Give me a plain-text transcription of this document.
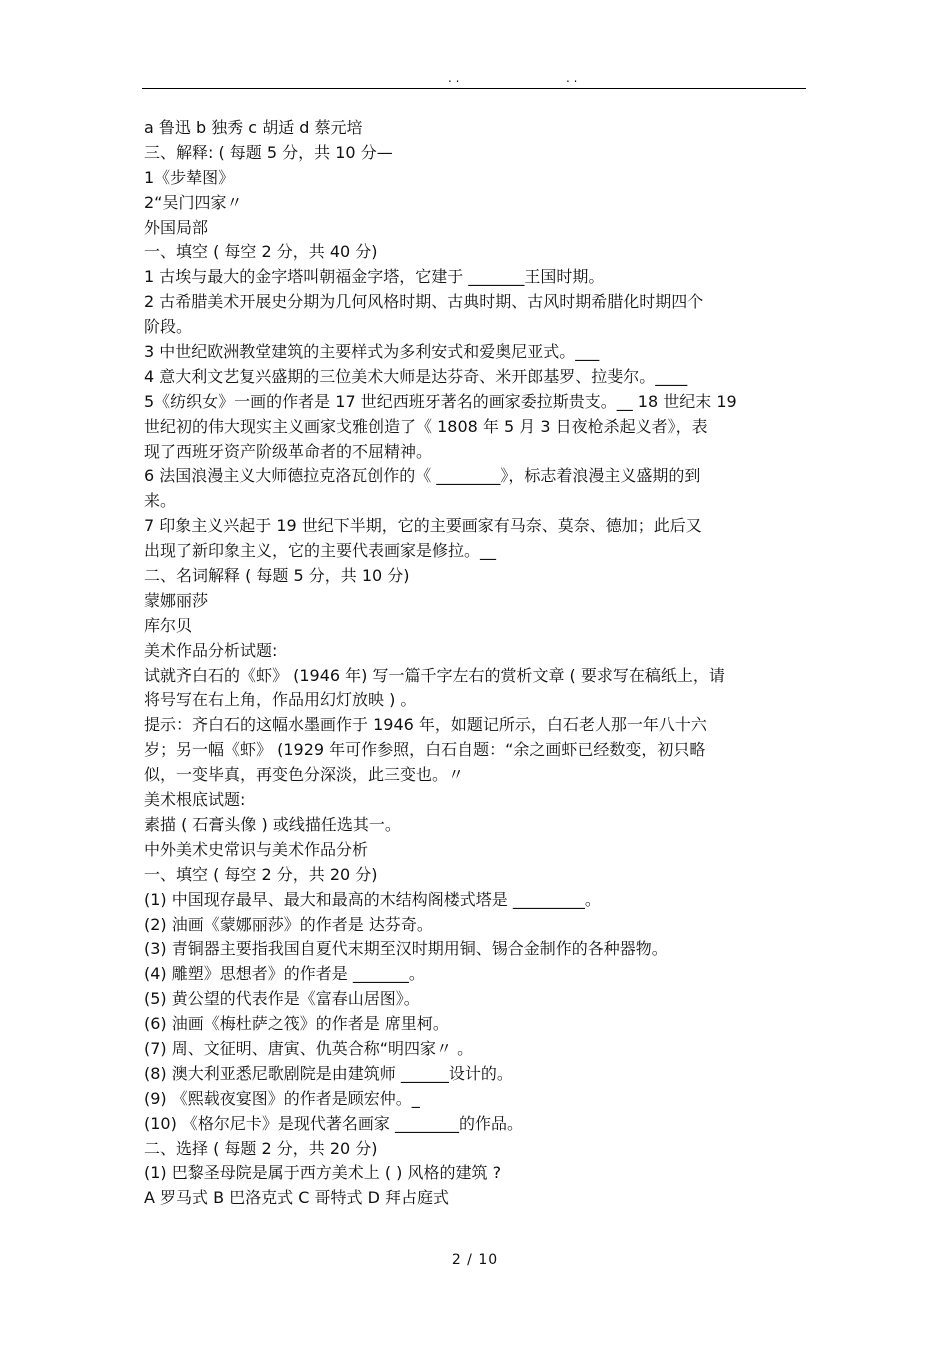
. .	. .
a 鲁迅 b 独秀 c 胡适 d 蔡元培
三、解释: ( 每题 5 分，共 10 分—
1《步辇图》
2“吴门四家〃
外国局部
一、填空 ( 每空 2 分，共 40 分)
1 古埃与最大的金字塔叫朝福金字塔，它建于 _______王国时期。
2 古希腊美术开展史分期为几何风格时期、古典时期、古风时期希腊化时期四个
阶段。
3 中世纪欧洲教堂建筑的主要样式为多利安式和爱奥尼亚式。___
4 意大利文艺复兴盛期的三位美术大师是达芬奇、米开郎基罗、拉斐尔。____
5《纺织女》一画的作者是 17 世纪西班牙著名的画家委拉斯贵支。__ 18 世纪末 19
世纪初的伟大现实主义画家戈雅创造了《 1808 年 5 月 3 日夜枪杀起义者》，表
现了西班牙资产阶级革命者的不屈精神。
6 法国浪漫主义大师德拉克洛瓦创作的《 ________》，标志着浪漫主义盛期的到
来。
7 印象主义兴起于 19 世纪下半期，它的主要画家有马奈、莫奈、德加；此后又
出现了新印象主义，它的主要代表画家是修拉。__
二、名词解释 ( 每题 5 分，共 10 分)
蒙娜丽莎
库尔贝
美术作品分析试题:
试就齐白石的《虾》 (1946 年) 写一篇千字左右的赏析文章 ( 要求写在稿纸上，请
将号写在右上角，作品用幻灯放映 ) 。
提示：齐白石的这幅水墨画作于 1946 年，如题记所示，白石老人那一年八十六
岁；另一幅《虾》 (1929 年可作参照，白石自题：“余之画虾已经数变，初只略
似，一变毕真，再变色分深淡，此三变也。〃
美术根底试题:
素描 ( 石膏头像 ) 或线描任选其一。
中外美术史常识与美术作品分析
一、填空 ( 每空 2 分，共 20 分)
(1) 中国现存最早、最大和最高的木结构阁楼式塔是 _________。
(2) 油画《蒙娜丽莎》的作者是 达芬奇。
(3) 青铜器主要指我国自夏代末期至汉时期用铜、锡合金制作的各种器物。
(4) 雕塑》思想者》的作者是 _______。
(5) 黄公望的代表作是《富春山居图》。
(6) 油画《梅杜萨之筏》的作者是 席里柯。
(7) 周、文征明、唐寅、仇英合称“明四家〃 。
(8) 澳大利亚悉尼歌剧院是由建筑师 ______设计的。
(9) 《熙载夜宴图》的作者是顾宏仲。_
(10) 《格尔尼卡》是现代著名画家 ________的作品。
二、选择 ( 每题 2 分，共 20 分)
(1) 巴黎圣母院是属于西方美术上 ( ) 风格的建筑 ?
A 罗马式 B 巴洛克式 C 哥特式 D 拜占庭式
2 / 10
